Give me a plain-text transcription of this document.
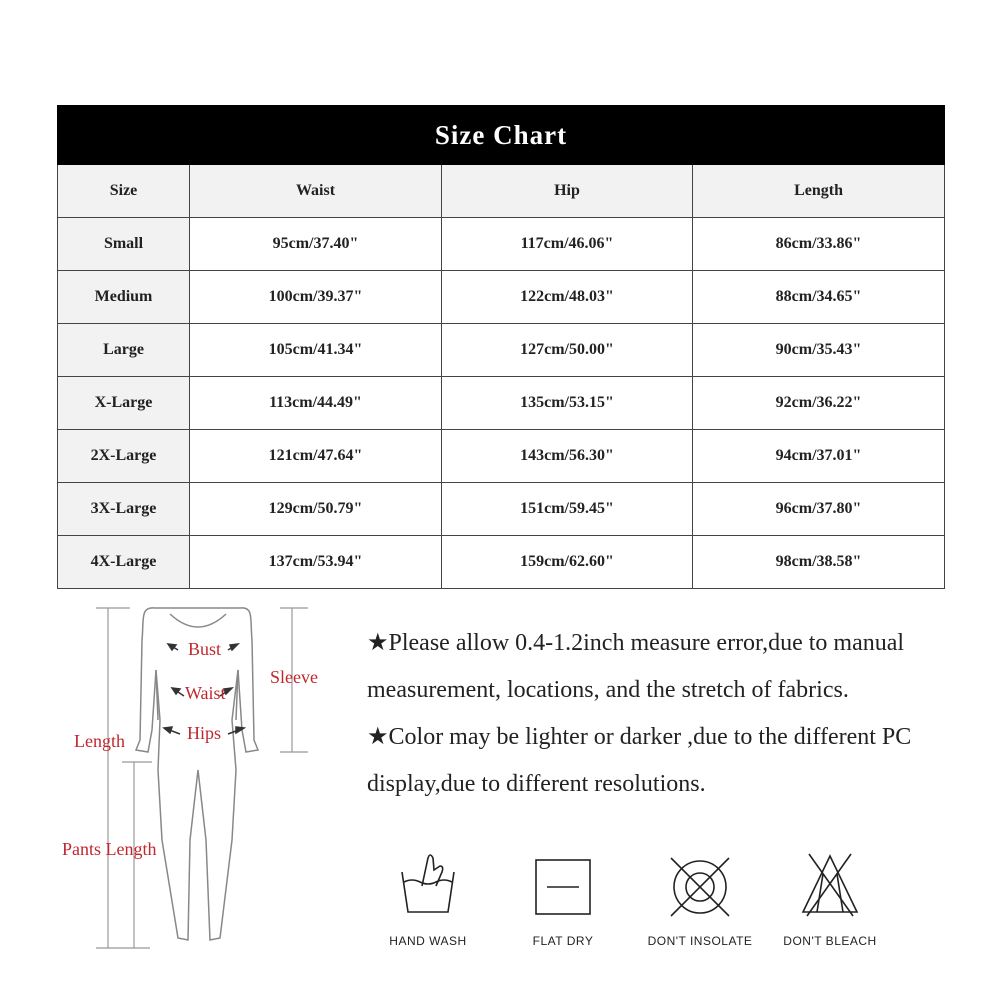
Size Chart			
Size	Waist	Hip	Length
Small	95cm/37.40"	117cm/46.06"	86cm/33.86"
Medium	100cm/39.37"	122cm/48.03"	88cm/34.65"
Large	105cm/41.34"	127cm/50.00"	90cm/35.43"
X-Large	113cm/44.49"	135cm/53.15"	92cm/36.22"
2X-Large	121cm/47.64"	143cm/56.30"	94cm/37.01"
3X-Large	129cm/50.79"	151cm/59.45"	96cm/37.80"
4X-Large	137cm/53.94"	159cm/62.60"	98cm/38.58"
Bust
Waist
Hips
Sleeve
Length
Pants Length

★Please allow 0.4-1.2inch measure error,due to manual measurement, locations, and the stretch of fabrics.

★Color may be lighter or darker ,due to the different PC display,due to different resolutions.

HAND WASH	FLAT DRY	DON'T INSOLATE	DON'T BLEACH
